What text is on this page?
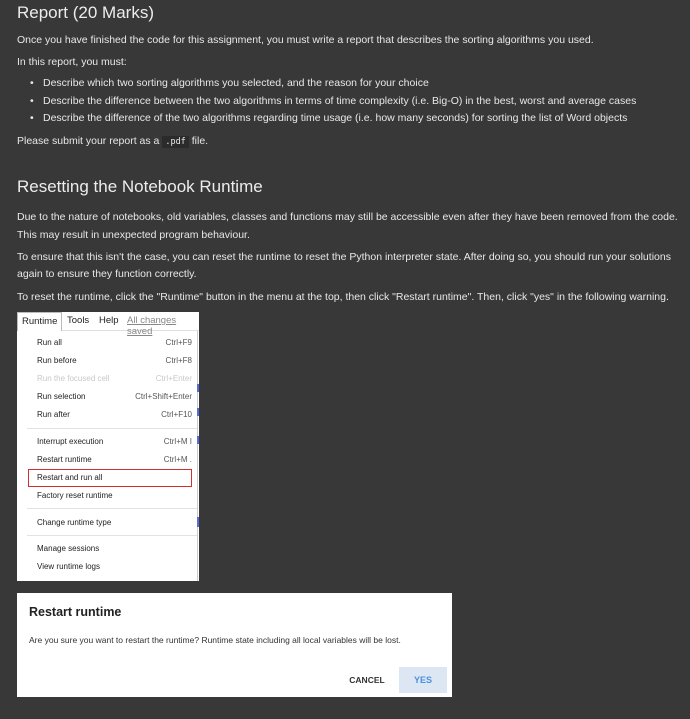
Report (20 Marks)

Once you have finished the code for this assignment, you must write a report that describes the sorting algorithms you used.

In this report, you must:

• Describe which two sorting algorithms you selected, and the reason for your choice
• Describe the difference between the two algorithms in terms of time complexity (i.e. Big-O) in the best, worst and average cases
• Describe the difference of the two algorithms regarding time usage (i.e. how many seconds) for sorting the list of Word objects

Please submit your report as a .pdf file.

Resetting the Notebook Runtime

Due to the nature of notebooks, old variables, classes and functions may still be accessible even after they have been removed from the code.

This may result in unexpected program behaviour.

To ensure that this isn't the case, you can reset the runtime to reset the Python interpreter state. After doing so, you should run your solutions

again to ensure they function correctly.

To reset the runtime, click the "Runtime" button in the menu at the top, then click "Restart runtime". Then, click "yes" in the following warning.

Runtime	Tools Help All changes saved
Run all	Ctrl+F9
Run before	Ctrl+F8
Run the focused cell	Ctrl+Enter
Run selection	Ctrl+Shift+Enter
Run after	Ctrl+F10
Interrupt execution	Ctrl+M I
Restart runtime	Ctrl+M .
Restart and run all
Factory reset runtime
Change runtime type
Manage sessions
View runtime logs
Restart runtime
Are you sure you want to restart the runtime? Runtime state including all local variables will be lost.
CANCEL	YES
